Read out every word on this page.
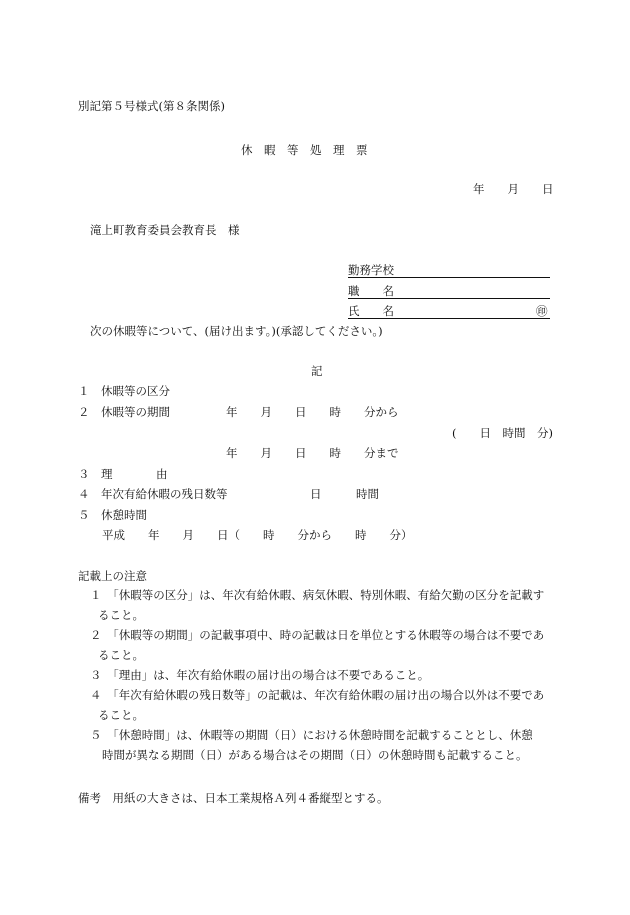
別記第５号様式(第８条関係)
休　暇　等　処　理　票
年　　月　　日
滝上町教育委員会教育長　様
勤務学校
職　　名
氏　　名	㊞
次の休暇等について、(届け出ます。)(承認してください。)
記
１　休暇等の区分
２　休暇等の期間	年　　月　　日　　時　　分から
(　　日　時間　分)
年　　月　　日　　時　　分まで
３　理	由
４　年次有給休暇の残日数等	日	時間
５　休憩時間
平成　　年　　月　　日（　　時　　分から　　時　　分）
記載上の注意
１　「休暇等の区分」は、年次有給休暇、病気休暇、特別休暇、有給欠勤の区分を記載す
ること。
２　「休暇等の期間」の記載事項中、時の記載は日を単位とする休暇等の場合は不要であ
ること。
３　「理由」は、年次有給休暇の届け出の場合は不要であること。
４　「年次有給休暇の残日数等」の記載は、年次有給休暇の届け出の場合以外は不要であ
ること。
５　「休憩時間」は、休暇等の期間（日）における休憩時間を記載することとし、休憩
時間が異なる期間（日）がある場合はその期間（日）の休憩時間も記載すること。
備考　用紙の大きさは、日本工業規格Ａ列４番縦型とする。
